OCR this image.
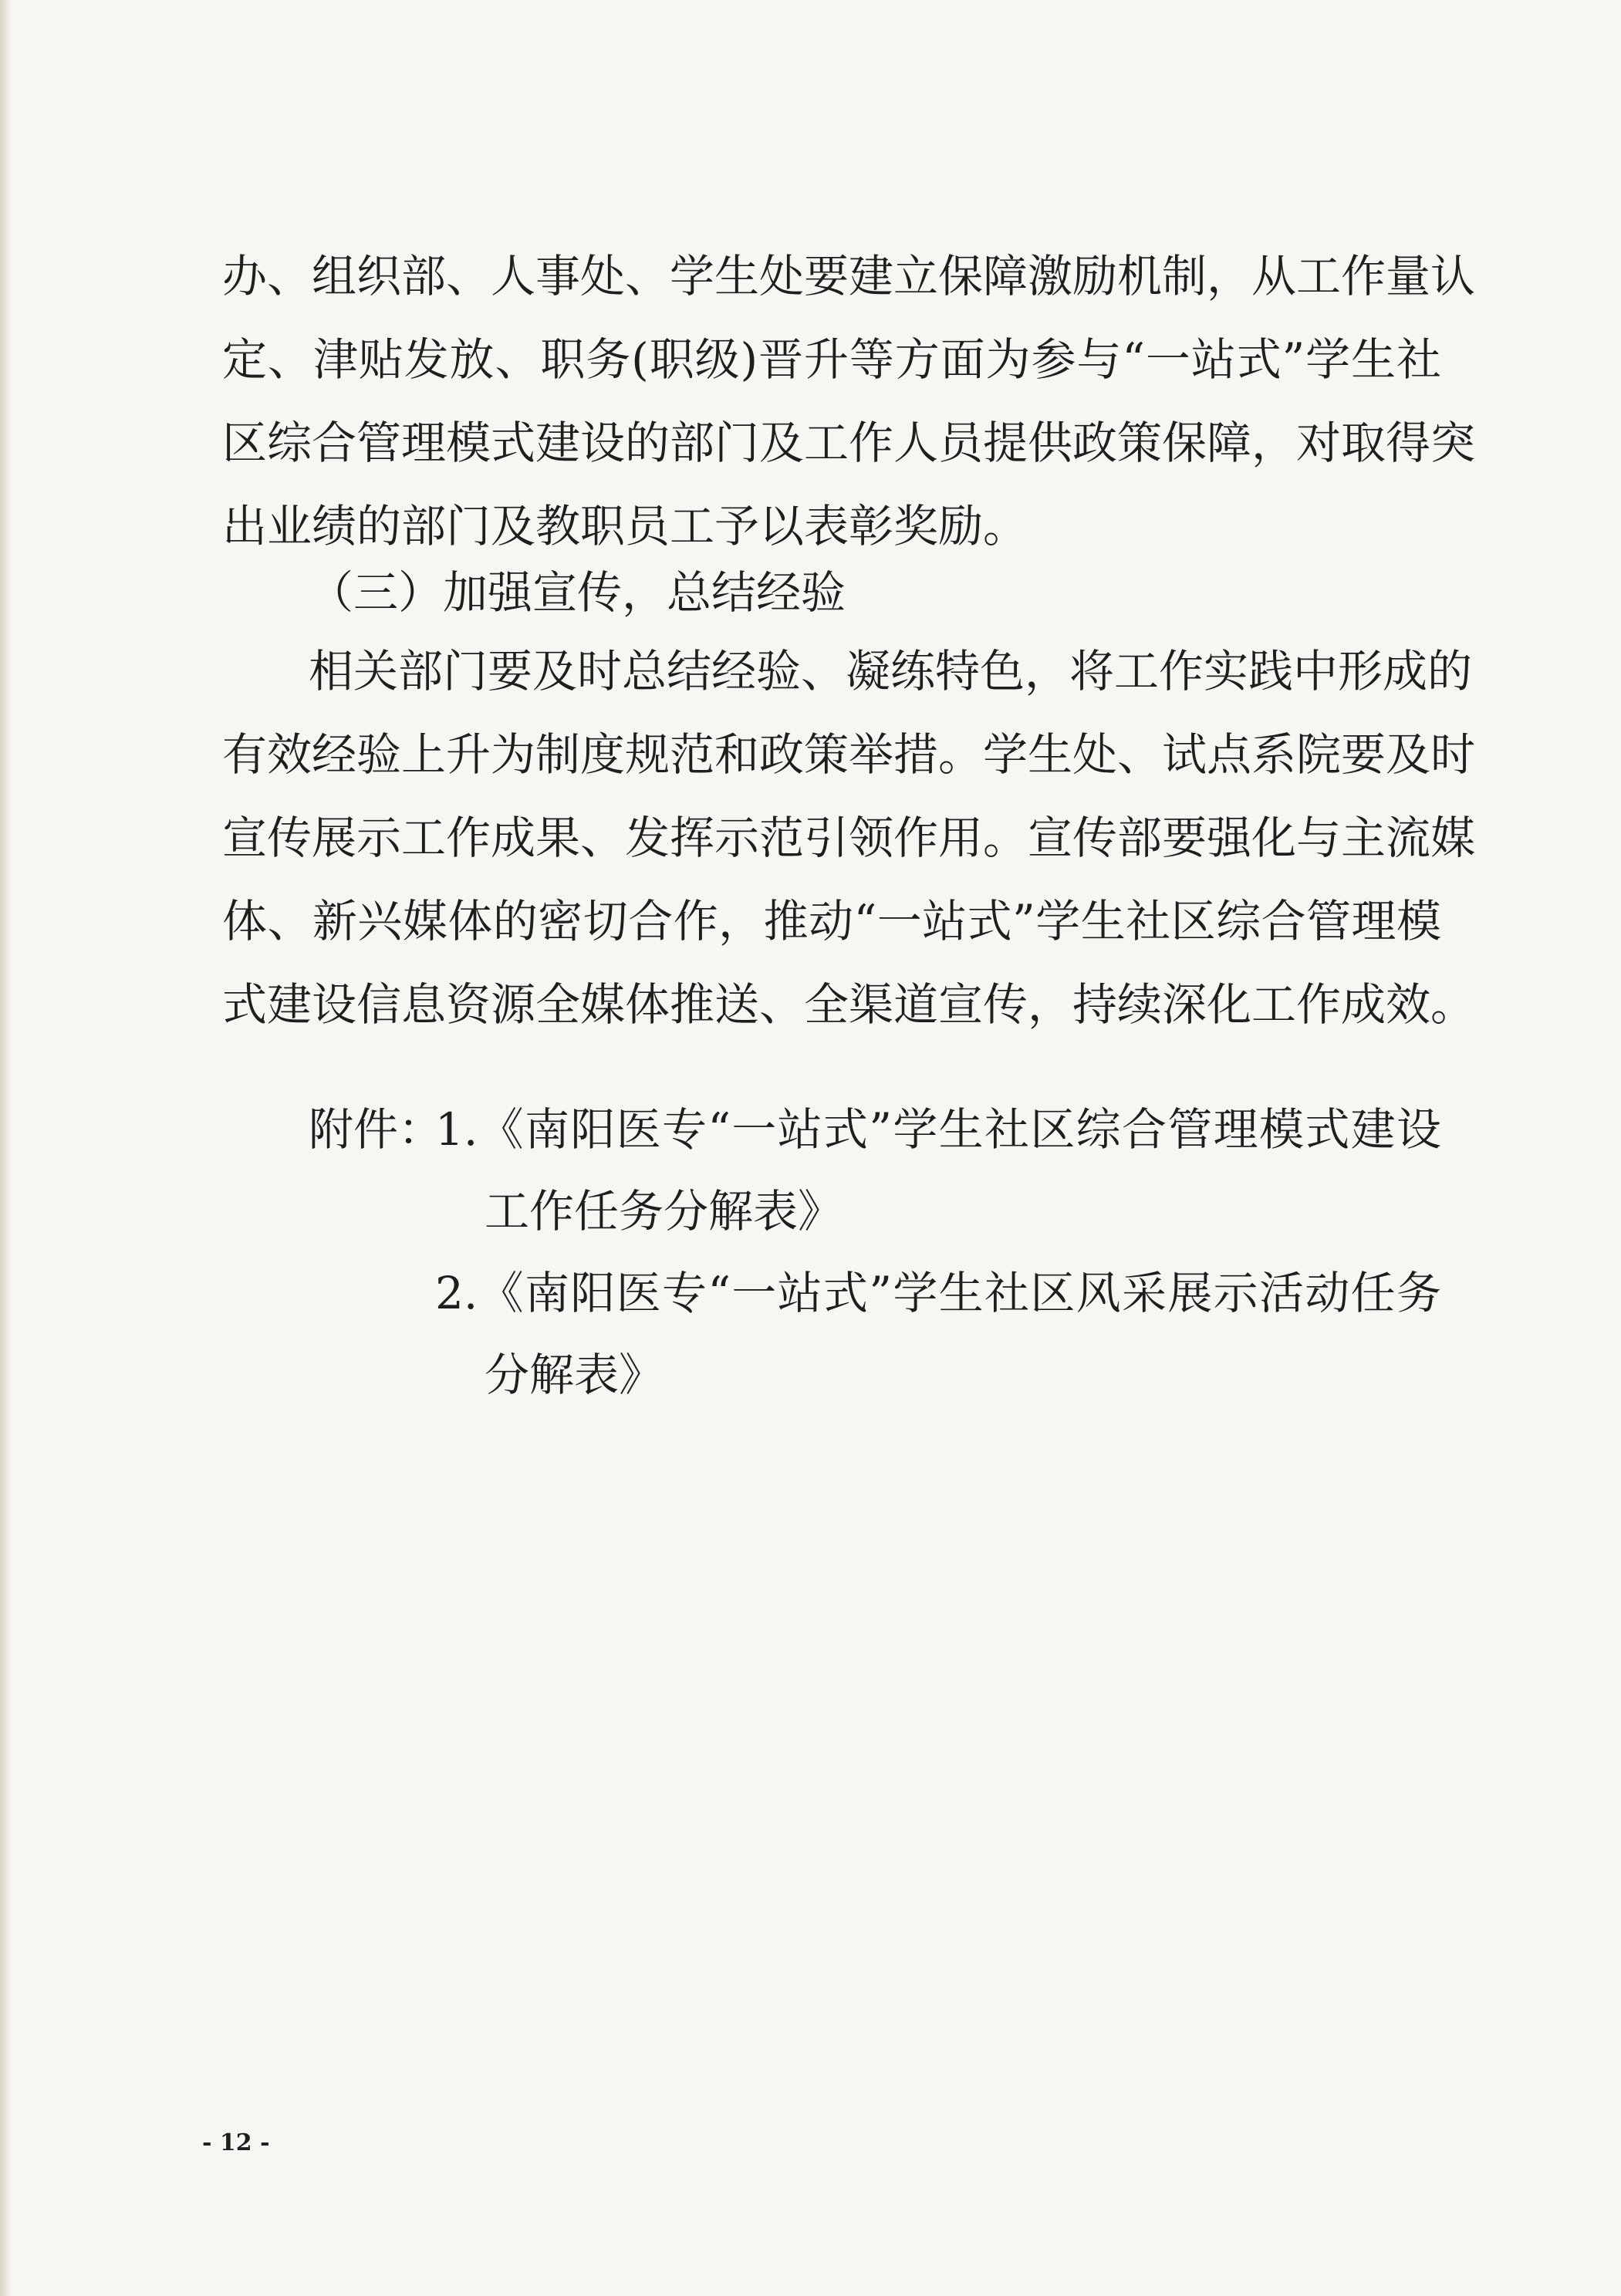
办、组织部、人事处、学生处要建立保障激励机制，从工作量认
定、津贴发放、职务(职级)晋升等方面为参与“一站式”学生社
区综合管理模式建设的部门及工作人员提供政策保障，对取得突
出业绩的部门及教职员工予以表彰奖励。
（三）加强宣传，总结经验
相关部门要及时总结经验、凝练特色，将工作实践中形成的
有效经验上升为制度规范和政策举措。学生处、试点系院要及时
宣传展示工作成果、发挥示范引领作用。宣传部要强化与主流媒
体、新兴媒体的密切合作，推动“一站式”学生社区综合管理模
式建设信息资源全媒体推送、全渠道宣传，持续深化工作成效。
附件：
1.《南阳医专“一站式”学生社区综合管理模式建设
工作任务分解表》
2.《南阳医专“一站式”学生社区风采展示活动任务
分解表》
- 12 -
